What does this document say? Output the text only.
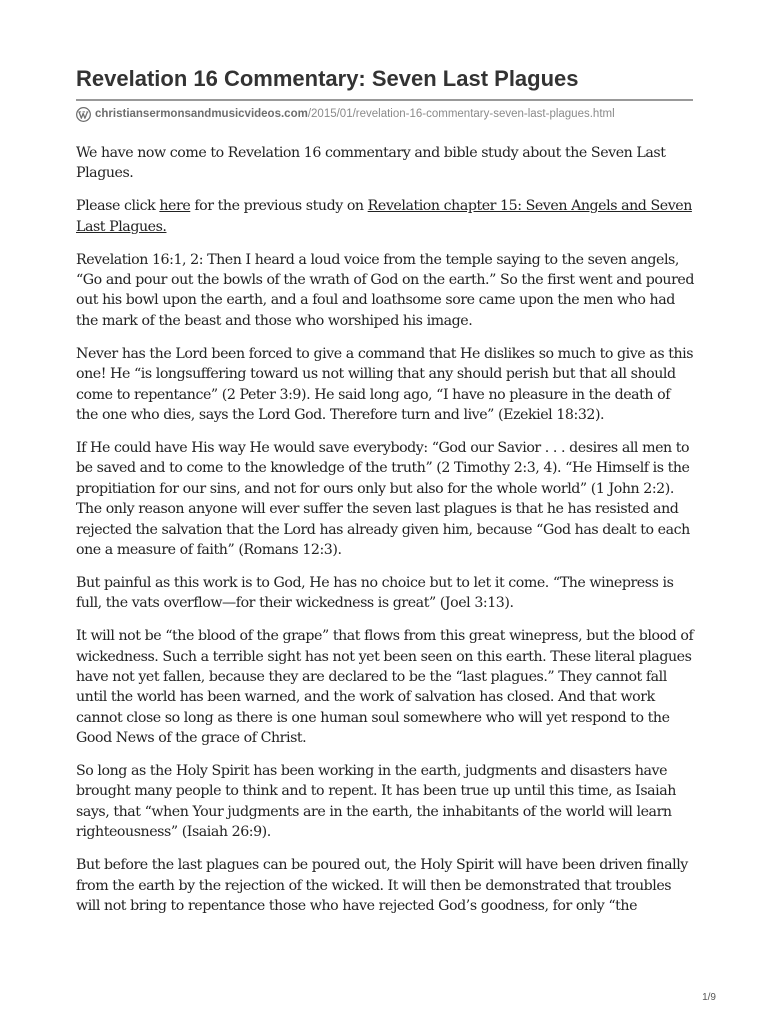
Revelation 16 Commentary: Seven Last Plagues
christiansermonsandmusicvideos.com /2015/01/revelation-16-commentary-seven-last-plagues.html

We have now come to Revelation 16 commentary and bible study about the Seven Last Plagues.

Please click here for the previous study on Revelation chapter 15: Seven Angels and Seven Last Plagues.

Revelation 16:1, 2: Then I heard a loud voice from the temple saying to the seven angels, “Go and pour out the bowls of the wrath of God on the earth.” So the first went and poured out his bowl upon the earth, and a foul and loathsome sore came upon the men who had the mark of the beast and those who worshiped his image.

Never has the Lord been forced to give a command that He dislikes so much to give as this one! He “is longsuffering toward us not willing that any should perish but that all should come to repentance” (2 Peter 3:9). He said long ago, “I have no pleasure in the death of the one who dies, says the Lord God. Therefore turn and live” (Ezekiel 18:32).

If He could have His way He would save everybody: “God our Savior . . . desires all men to be saved and to come to the knowledge of the truth” (2 Timothy 2:3, 4). “He Himself is the propitiation for our sins, and not for ours only but also for the whole world” (1 John 2:2). The only reason anyone will ever suffer the seven last plagues is that he has resisted and rejected the salvation that the Lord has already given him, because “God has dealt to each one a measure of faith” (Romans 12:3).

But painful as this work is to God, He has no choice but to let it come. “The winepress is full, the vats overflow—for their wickedness is great” (Joel 3:13).

It will not be “the blood of the grape” that flows from this great winepress, but the blood of wickedness. Such a terrible sight has not yet been seen on this earth. These literal plagues have not yet fallen, because they are declared to be the “last plagues.” They cannot fall until the world has been warned, and the work of salvation has closed. And that work cannot close so long as there is one human soul somewhere who will yet respond to the Good News of the grace of Christ.

So long as the Holy Spirit has been working in the earth, judgments and disasters have brought many people to think and to repent. It has been true up until this time, as Isaiah says, that “when Your judgments are in the earth, the inhabitants of the world will learn righteousness” (Isaiah 26:9).

But before the last plagues can be poured out, the Holy Spirit will have been driven finally from the earth by the rejection of the wicked. It will then be demonstrated that troubles will not bring to repentance those who have rejected God’s goodness, for only “the

1/9
